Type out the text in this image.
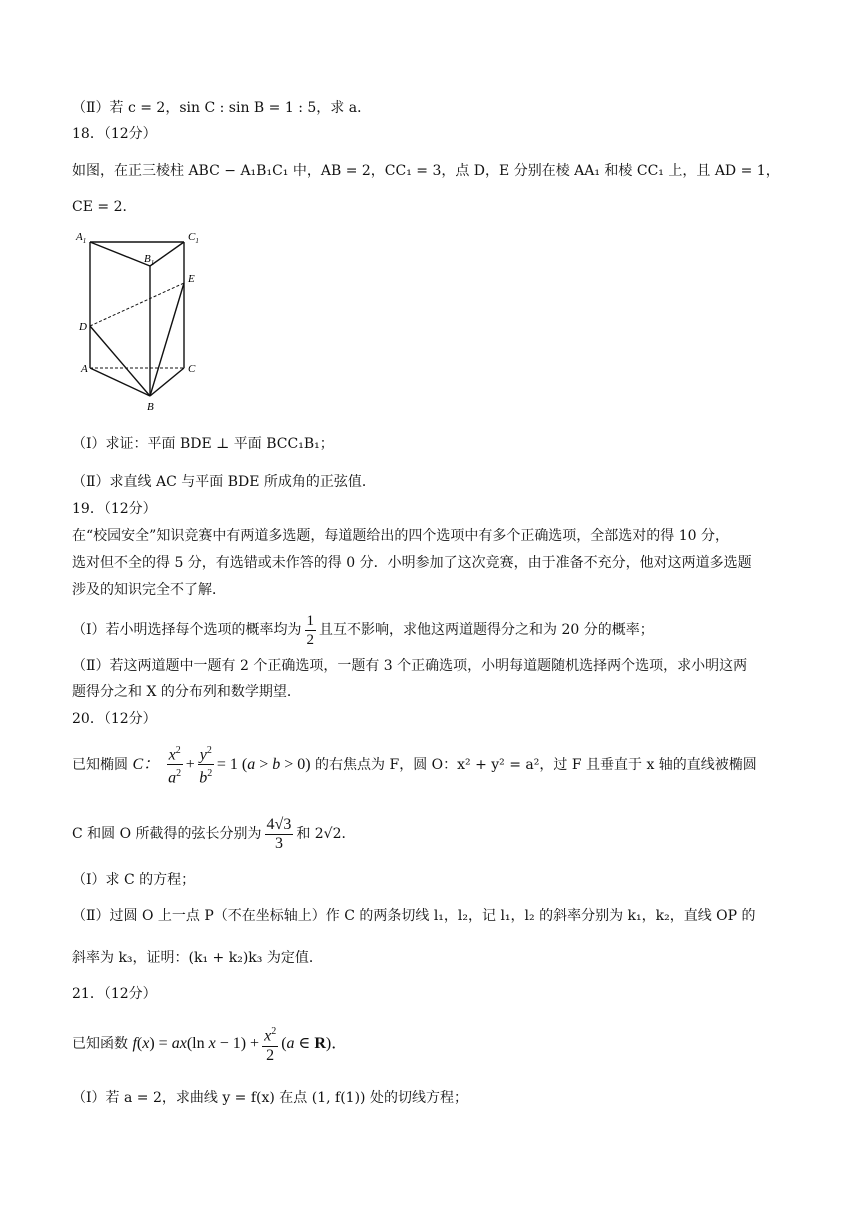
（Ⅱ）若 c = 2，sin C : sin B = 1 : 5，求 a．
18．（12分）
如图，在正三棱柱 ABC − A₁B₁C₁ 中，AB = 2，CC₁ = 3，点 D，E 分别在棱 AA₁ 和棱 CC₁ 上，且 AD = 1，
CE = 2．
$A_1$	$C_1$
$B_1$
E
D
A	C
B
（Ⅰ）求证：平面 BDE ⊥ 平面 BCC₁B₁；
（Ⅱ）求直线 AC 与平面 BDE 所成角的正弦值．
19．（12分）
在“校园安全”知识竞赛中有两道多选题，每道题给出的四个选项中有多个正确选项，全部选对的得 10 分，
选对但不全的得 5 分，有选错或未作答的得 0 分．小明参加了这次竞赛，由于准备不充分，他对这两道多选题
涉及的知识完全不了解．
（Ⅰ）若小明选择每个选项的概率均为 $\frac{1}{2}$ 且互不影响，求他这两道题得分之和为 20 分的概率；
（Ⅱ）若这两道题中一题有 2 个正确选项，一题有 3 个正确选项，小明每道题随机选择两个选项，求小明这两
题得分之和 X 的分布列和数学期望．
20．（12分）
已知椭圆 C： $\frac{x^2}{a^2} + \frac{y^2}{b^2} = 1$ (a > b > 0) 的右焦点为 F，圆 O：x² + y² = a²，过 F 且垂直于 x 轴的直线被椭圆
C 和圆 O 所截得的弦长分别为 $\frac{4√3}{3}$ 和 2√2．
（Ⅰ）求 C 的方程；
（Ⅱ）过圆 O 上一点 P（不在坐标轴上）作 C 的两条切线 l₁，l₂，记 l₁，l₂ 的斜率分别为 k₁，k₂，直线 OP 的
斜率为 k₃，证明：(k₁ + k₂)k₃ 为定值．
21．（12分）
已知函数 f(x) = ax(ln $x - 1) + \frac{x^2}{2} (a$ ∈ R)．
（Ⅰ）若 a = 2，求曲线 y = f(x) 在点 (1, f(1)) 处的切线方程；
